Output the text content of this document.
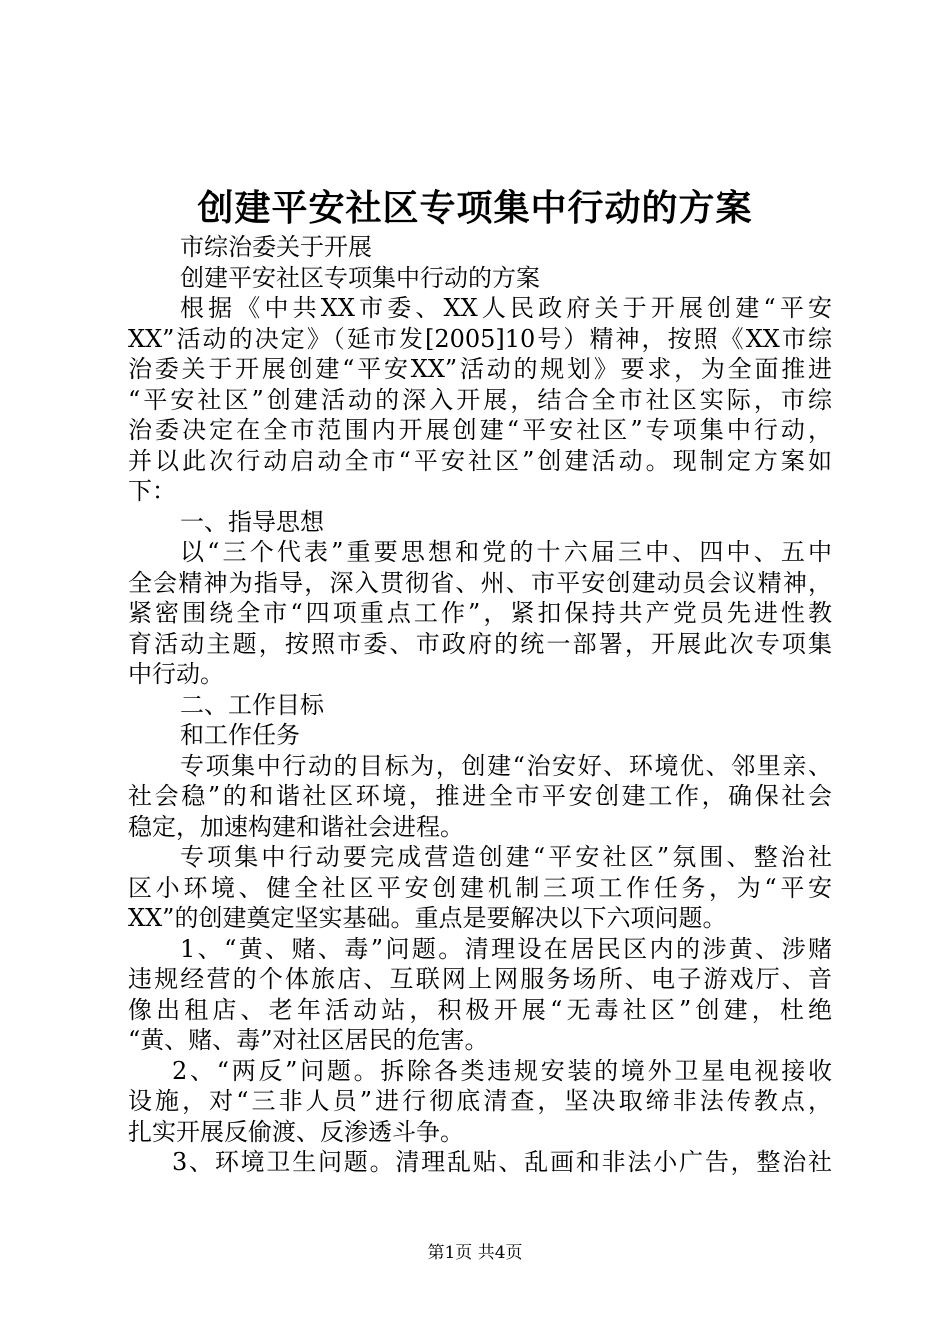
创建平安社区专项集中行动的方案
市综治委关于开展
创建平安社区专项集中行动的方案
根据《中共XX市委、XX人民政府关于开展创建“平安
XX”活动的决定》（延市发[2005]10号）精神，按照《XX市综
治委关于开展创建“平安XX”活动的规划》要求，为全面推进
“平安社区”创建活动的深入开展，结合全市社区实际，市综
治委决定在全市范围内开展创建“平安社区”专项集中行动，
并以此次行动启动全市“平安社区”创建活动。现制定方案如
下：
一、指导思想
以“三个代表”重要思想和党的十六届三中、四中、五中
全会精神为指导，深入贯彻省、州、市平安创建动员会议精神，
紧密围绕全市“四项重点工作”，紧扣保持共产党员先进性教
育活动主题，按照市委、市政府的统一部署，开展此次专项集
中行动。
二、工作目标
和工作任务
专项集中行动的目标为，创建“治安好、环境优、邻里亲、
社会稳”的和谐社区环境，推进全市平安创建工作，确保社会
稳定，加速构建和谐社会进程。
专项集中行动要完成营造创建“平安社区”氛围、整治社
区小环境、健全社区平安创建机制三项工作任务，为“平安
XX”的创建奠定坚实基础。重点是要解决以下六项问题。
1、“黄、赌、毒”问题。清理设在居民区内的涉黄、涉赌
违规经营的个体旅店、互联网上网服务场所、电子游戏厅、音
像出租店、老年活动站，积极开展“无毒社区”创建，杜绝
“黄、赌、毒”对社区居民的危害。
2、“两反”问题。拆除各类违规安装的境外卫星电视接收
设施，对“三非人员”进行彻底清查，坚决取缔非法传教点，
扎实开展反偷渡、反渗透斗争。
3、环境卫生问题。清理乱贴、乱画和非法小广告，整治社
第1页 共4页
